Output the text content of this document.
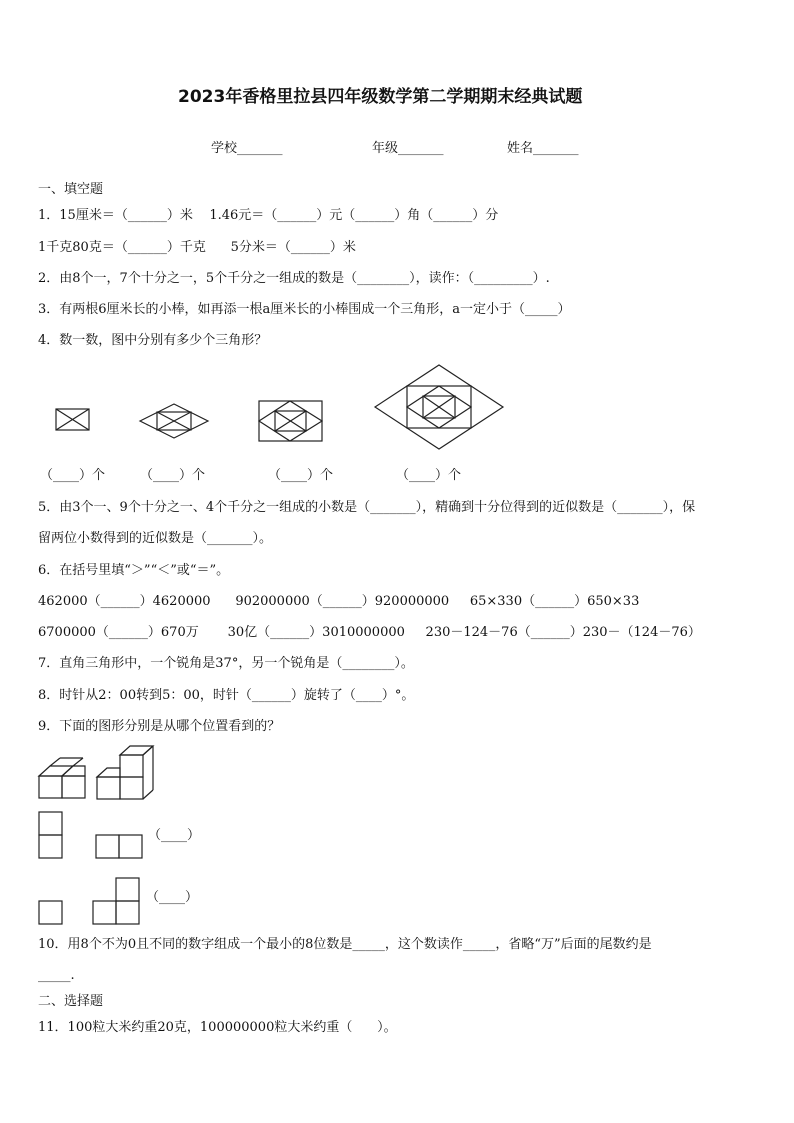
2023年香格里拉县四年级数学第二学期期末经典试题
学校_______	年级_______	姓名_______
一、填空题
1．15厘米＝（______）米    1.46元＝（______）元（______）角（______）分
1千克80克＝（______）千克      5分米＝（______）米
2．由8个一，7个十分之一，5个千分之一组成的数是（________），读作：（_________）.
3．有两根6厘米长的小棒，如再添一根a厘米长的小棒围成一个三角形，a一定小于（_____）
4．数一数，图中分别有多少个三角形？
（____）个	（____）个	（____）个	（____）个
5．由3个一、9个十分之一、4个千分之一组成的小数是（_______），精确到十分位得到的近似数是（_______），保
留两位小数得到的近似数是（_______）。
6．在括号里填“＞”“＜”或“＝”。
462000（______）4620000      902000000（______）920000000     65×330（______）650×33
6700000（______）670万       30亿（______）3010000000     230－124－76（______）230－（124－76）
7．直角三角形中，一个锐角是37°，另一个锐角是（________）。
8．时针从2：00转到5：00，时针（______）旋转了（____）°。
9．下面的图形分别是从哪个位置看到的？
（____）
（____）
10．用8个不为0且不同的数字组成一个最小的8位数是_____，这个数读作_____，省略“万”后面的尾数约是
_____.
二、选择题
11．100粒大米约重20克，100000000粒大米约重（      ）。
